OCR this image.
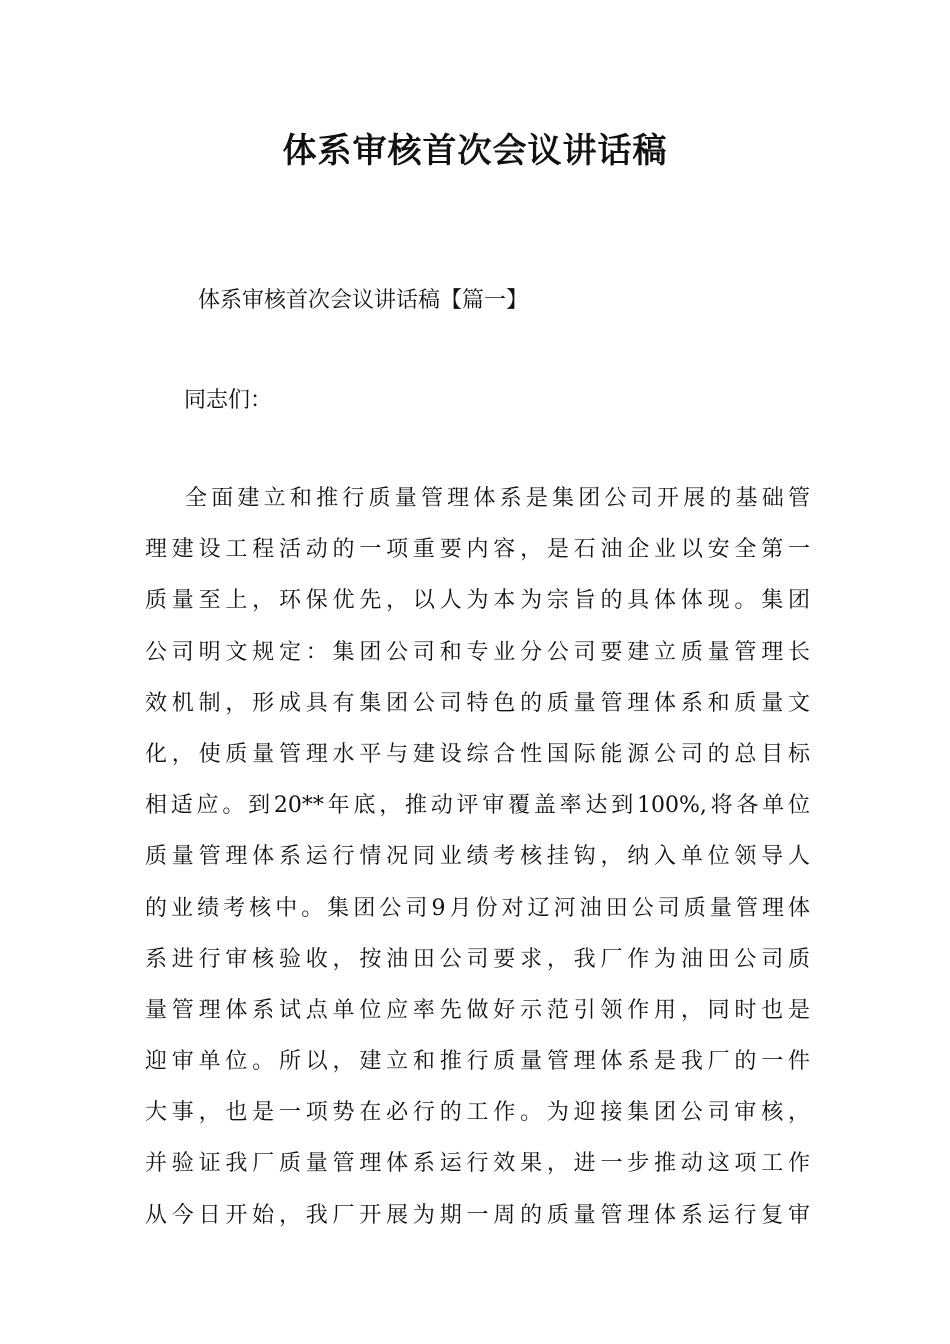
体系审核首次会议讲话稿

体系审核首次会议讲话稿【篇一】

同志们：

全面建立和推行质量管理体系是集团公司开展的基础管
理建设工程活动的一项重要内容，是石油企业以安全第一
质量至上，环保优先，以人为本为宗旨的具体体现。集团
公司明文规定：集团公司和专业分公司要建立质量管理长
效机制，形成具有集团公司特色的质量管理体系和质量文
化，使质量管理水平与建设综合性国际能源公司的总目标
相适应。到20**年底，推动评审覆盖率达到100%,将各单位
质量管理体系运行情况同业绩考核挂钩，纳入单位领导人
的业绩考核中。集团公司9月份对辽河油田公司质量管理体
系进行审核验收，按油田公司要求，我厂作为油田公司质
量管理体系试点单位应率先做好示范引领作用，同时也是
迎审单位。所以，建立和推行质量管理体系是我厂的一件
大事，也是一项势在必行的工作。为迎接集团公司审核，
并验证我厂质量管理体系运行效果，进一步推动这项工作
从今日开始，我厂开展为期一周的质量管理体系运行复审
